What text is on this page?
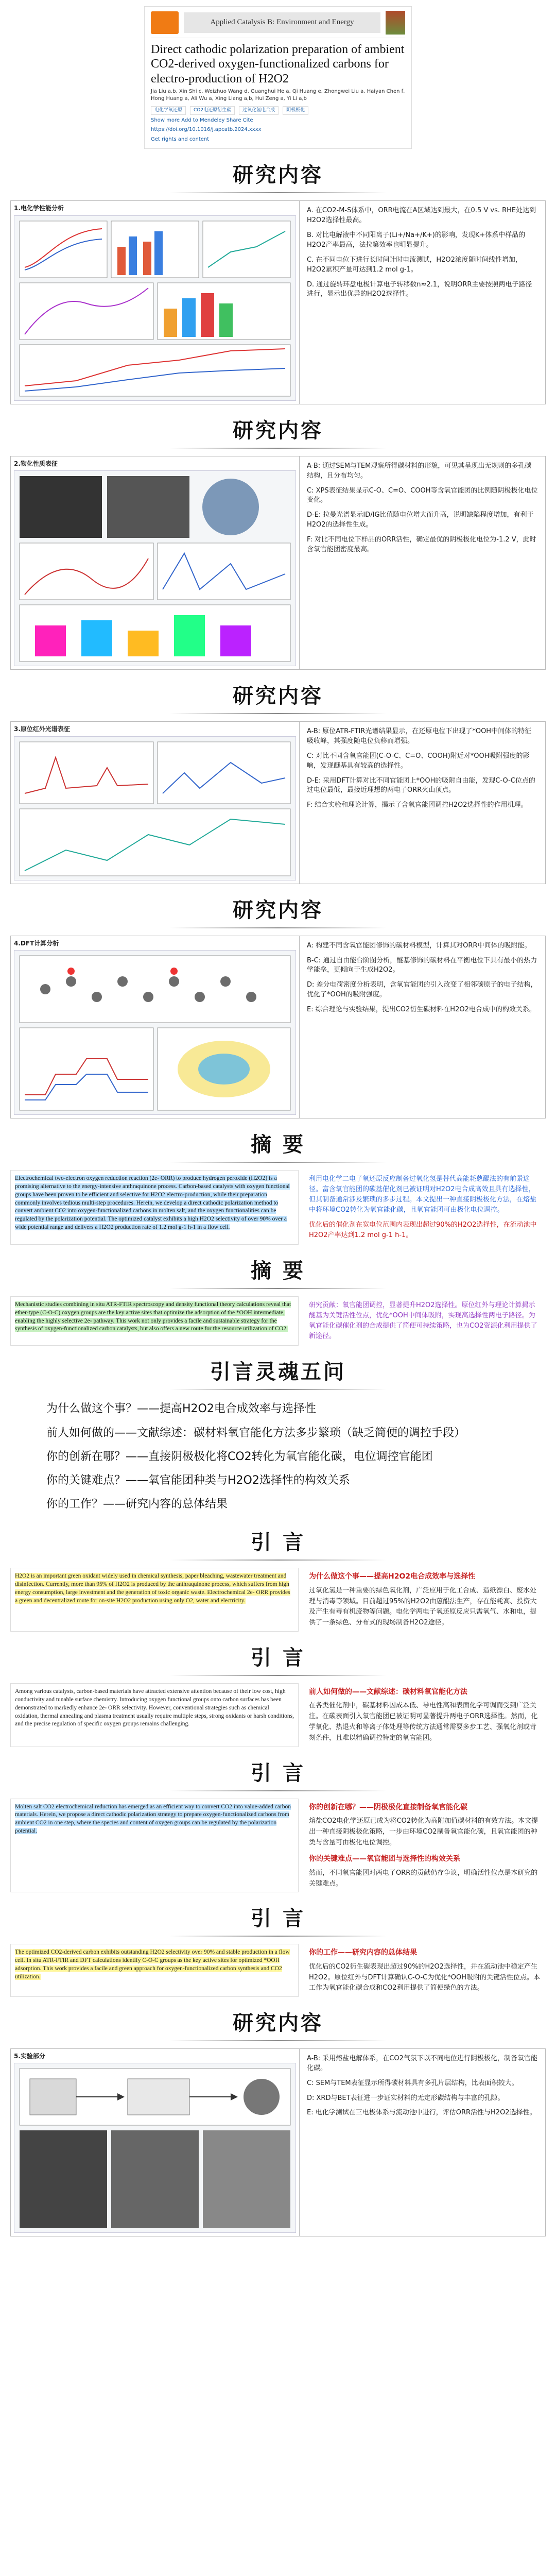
Applied Catalysis B: Environment and Energy
Direct cathodic polarization preparation of ambient CO2-derived oxygen-functionalized carbons for electro-production of H2O2
Jia Liu a,b, Xin Shi c, Weizhuo Wang d, Guanghui He a, Qi Huang e, Zhongwei Liu a, Haiyan Chen f, Hong Huang a, Ali Wu a, Xing Liang a,b, Hui Zeng a, Yi Li a,b
电化学氧还原	CO2电还原衍生碳	过氧化氢电合成	阴极极化
Show more Add to Mendeley Share Cite
https://doi.org/10.1016/j.apcatb.2024.xxxx
Get rights and content
研究内容
1.电化学性能分析	A. 在CO2-M-S体系中，ORR电流在A区域达到最大，在0.5 V vs. RHE处达到H2O2选择性最高。

B. 对比电解液中不同阳离子(Li+/Na+/K+)的影响，发现K+体系中样品的H2O2产率最高，法拉第效率也明显提升。

C. 在不同电位下进行长时间计时电流测试，H2O2浓度随时间线性增加，H2O2累积产量可达到1.2 mol g-1。

D. 通过旋转环盘电极计算电子转移数n≈2.1，说明ORR主要按照两电子路径进行，显示出优异的H2O2选择性。

研究内容
2.物化性质表征	A-B: 通过SEM与TEM观察所得碳材料的形貌，可见其呈现出无规则的多孔碳结构，且分布均匀。

C: XPS表征结果显示C-O、C=O、COOH等含氧官能团的比例随阴极极化电位变化。

D-E: 拉曼光谱显示ID/IG比值随电位增大而升高，说明缺陷程度增加，有利于H2O2的选择性生成。

F: 对比不同电位下样品的ORR活性，确定最优的阴极极化电位为-1.2 V，此时含氧官能团密度最高。

研究内容
3.原位红外光谱表征	A-B: 原位ATR-FTIR光谱结果显示，在还原电位下出现了*OOH中间体的特征吸收峰，其强度随电位负移而增强。

C: 对比不同含氧官能团(C-O-C、C=O、COOH)附近对*OOH吸附强度的影响，发现醚基具有较高的选择性。

D-E: 采用DFT计算对比不同官能团上*OOH的吸附自由能，发现C-O-C位点的过电位最低，最接近理想的两电子ORR火山顶点。

F: 结合实验和理论计算，揭示了含氧官能团调控H2O2选择性的作用机理。

研究内容
4.DFT计算分析	A: 构建不同含氧官能团修饰的碳材料模型，计算其对ORR中间体的吸附能。

B-C: 通过自由能台阶图分析，醚基修饰的碳材料在平衡电位下具有最小的热力学能垒，更倾向于生成H2O2。

D: 差分电荷密度分析表明，含氧官能团的引入改变了相邻碳原子的电子结构，优化了*OOH的吸附强度。

E: 综合理论与实验结果，提出CO2衍生碳材料在H2O2电合成中的构效关系。

摘 要
Electrochemical two-electron oxygen reduction reaction (2e- ORR) to produce hydrogen peroxide (H2O2) is a promising alternative to the energy-intensive anthraquinone process. Carbon-based catalysts with oxygen functional groups have been proven to be efficient and selective for H2O2 electro-production, while their preparation commonly involves tedious multi-step procedures. Herein, we develop a direct cathodic polarization method to convert ambient CO2 into oxygen-functionalized carbons in molten salt, and the oxygen functionalities can be regulated by the polarization potential. The optimized catalyst exhibits a high H2O2 selectivity of over 90% over a wide potential range and delivers a H2O2 production rate of 1.2 mol g-1 h-1 in a flow cell.

利用电化学二电子氧还原反应制备过氧化氢是替代高能耗蒽醌法的有前景途径。富含氧官能团的碳基催化剂已被证明对H2O2电合成高效且具有选择性，但其制备通常涉及繁琐的多步过程。本文提出一种直接阴极极化方法，在熔盐中将环境CO2转化为氧官能化碳，且氧官能团可由极化电位调控。

优化后的催化剂在宽电位范围内表现出超过90%的H2O2选择性，在流动池中H2O2产率达到1.2 mol g-1 h-1。

摘 要
Mechanistic studies combining in situ ATR-FTIR spectroscopy and density functional theory calculations reveal that ether-type (C-O-C) oxygen groups are the key active sites that optimize the adsorption of the *OOH intermediate, enabling the highly selective 2e- pathway. This work not only provides a facile and sustainable strategy for the synthesis of oxygen-functionalized carbon catalysts, but also offers a new route for the resource utilization of CO2.

研究贡献：氧官能团调控，显著提升H2O2选择性。原位红外与理论计算揭示醚基为关键活性位点，优化*OOH中间体吸附，实现高选择性两电子路径。为氧官能化碳催化剂的合成提供了简便可持续策略，也为CO2资源化利用提供了新途径。

引言灵魂五问
为什么做这个事？——提高H2O2电合成效率与选择性
前人如何做的——文献综述：碳材料氧官能化方法多步繁琐（缺乏简便的调控手段）
你的创新在哪？——直接阴极极化将CO2转化为氧官能化碳，电位调控官能团
你的关键难点？——氧官能团种类与H2O2选择性的构效关系
你的工作？——研究内容的总体结果
引 言
H2O2 is an important green oxidant widely used in chemical synthesis, paper bleaching, wastewater treatment and disinfection. Currently, more than 95% of H2O2 is produced by the anthraquinone process, which suffers from high energy consumption, large investment and the generation of toxic organic waste. Electrochemical 2e- ORR provides a green and decentralized route for on-site H2O2 production using only O2, water and electricity.
为什么做这个事——提高H2O2电合成效率与选择性

过氧化氢是一种重要的绿色氧化剂，广泛应用于化工合成、造纸漂白、废水处理与消毒等领域。目前超过95%的H2O2由蒽醌法生产，存在能耗高、投资大及产生有毒有机废物等问题。电化学两电子氧还原反应只需氧气、水和电，提供了一条绿色、分布式的现场制备H2O2途径。

引 言
Among various catalysts, carbon-based materials have attracted extensive attention because of their low cost, high conductivity and tunable surface chemistry. Introducing oxygen functional groups onto carbon surfaces has been demonstrated to markedly enhance 2e- ORR selectivity. However, conventional strategies such as chemical oxidation, thermal annealing and plasma treatment usually require multiple steps, strong oxidants or harsh conditions, and the precise regulation of specific oxygen groups remains challenging.
前人如何做的——文献综述：碳材料氧官能化方法

在各类催化剂中，碳基材料因成本低、导电性高和表面化学可调而受到广泛关注。在碳表面引入氧官能团已被证明可显著提升两电子ORR选择性。然而，化学氧化、热退火和等离子体处理等传统方法通常需要多步工艺、强氧化剂或苛刻条件，且难以精确调控特定的氧官能团。

引 言
Molten salt CO2 electrochemical reduction has emerged as an efficient way to convert CO2 into value-added carbon materials. Herein, we propose a direct cathodic polarization strategy to prepare oxygen-functionalized carbons from ambient CO2 in one step, where the species and content of oxygen groups can be regulated by the polarization potential.
你的创新在哪？——阴极极化直接制备氧官能化碳

熔盐CO2电化学还原已成为将CO2转化为高附加值碳材料的有效方法。本文提出一种直接阴极极化策略，一步由环境CO2制备氧官能化碳，且氧官能团的种类与含量可由极化电位调控。

你的关键难点——氧官能团与选择性的构效关系

然而，不同氧官能团对两电子ORR的贡献仍存争议，明确活性位点是本研究的关键难点。

引 言
The optimized CO2-derived carbon exhibits outstanding H2O2 selectivity over 90% and stable production in a flow cell. In situ ATR-FTIR and DFT calculations identify C-O-C groups as the key active sites for optimized *OOH adsorption. This work provides a facile and green approach for oxygen-functionalized carbon synthesis and CO2 utilization.
你的工作——研究内容的总体结果

优化后的CO2衍生碳表现出超过90%的H2O2选择性，并在流动池中稳定产生H2O2。原位红外与DFT计算确认C-O-C为优化*OOH吸附的关键活性位点。本工作为氧官能化碳合成和CO2利用提供了简便绿色的方法。

研究内容
5.实验部分	A-B: 采用熔盐电解体系，在CO2气氛下以不同电位进行阴极极化，制备氧官能化碳。

C: SEM与TEM表征显示所得碳材料具有多孔片层结构，比表面积较大。

D: XRD与BET表征进一步证实材料的无定形碳结构与丰富的孔隙。

E: 电化学测试在三电极体系与流动池中进行，评估ORR活性与H2O2选择性。
